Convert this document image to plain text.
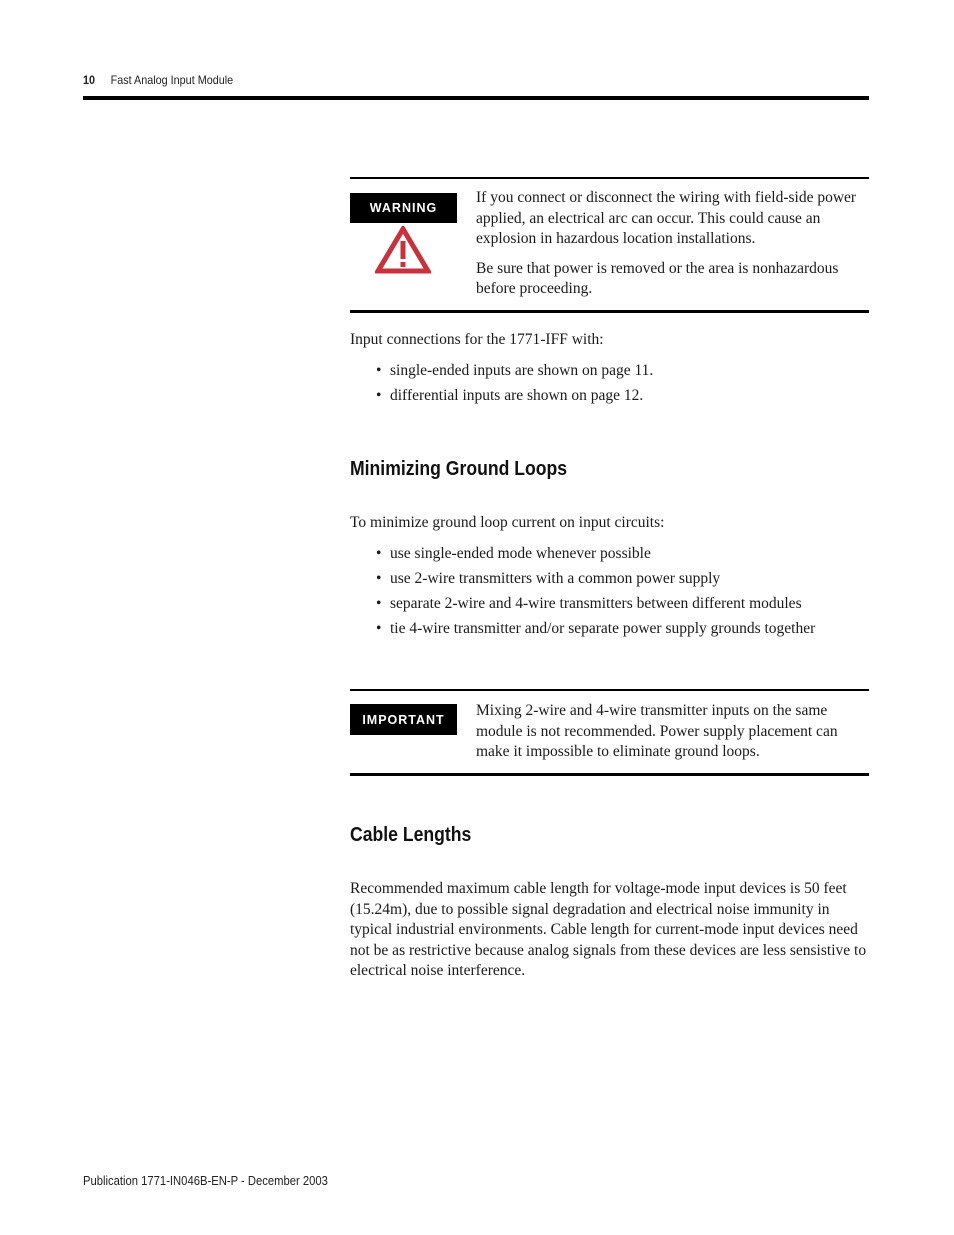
10 Fast Analog Input Module
WARNING

If you connect or disconnect the wiring with field-side power applied, an electrical arc can occur. This could cause an explosion in hazardous location installations.

Be sure that power is removed or the area is nonhazardous before proceeding.

Input connections for the 1771-IFF with:
• single-ended inputs are shown on page 11.
• differential inputs are shown on page 12.
Minimizing Ground Loops
To minimize ground loop current on input circuits:
• use single-ended mode whenever possible
• use 2-wire transmitters with a common power supply
• separate 2-wire and 4-wire transmitters between different modules
• tie 4-wire transmitter and/or separate power supply grounds together
IMPORTANT

Mixing 2-wire and 4-wire transmitter inputs on the same module is not recommended. Power supply placement can make it impossible to eliminate ground loops.

Cable Lengths
Recommended maximum cable length for voltage-mode input devices is 50 feet (15.24m), due to possible signal degradation and electrical noise immunity in typical industrial environments. Cable length for current-mode input devices need not be as restrictive because analog signals from these devices are less sensistive to electrical noise interference.
Publication 1771-IN046B-EN-P - December 2003
